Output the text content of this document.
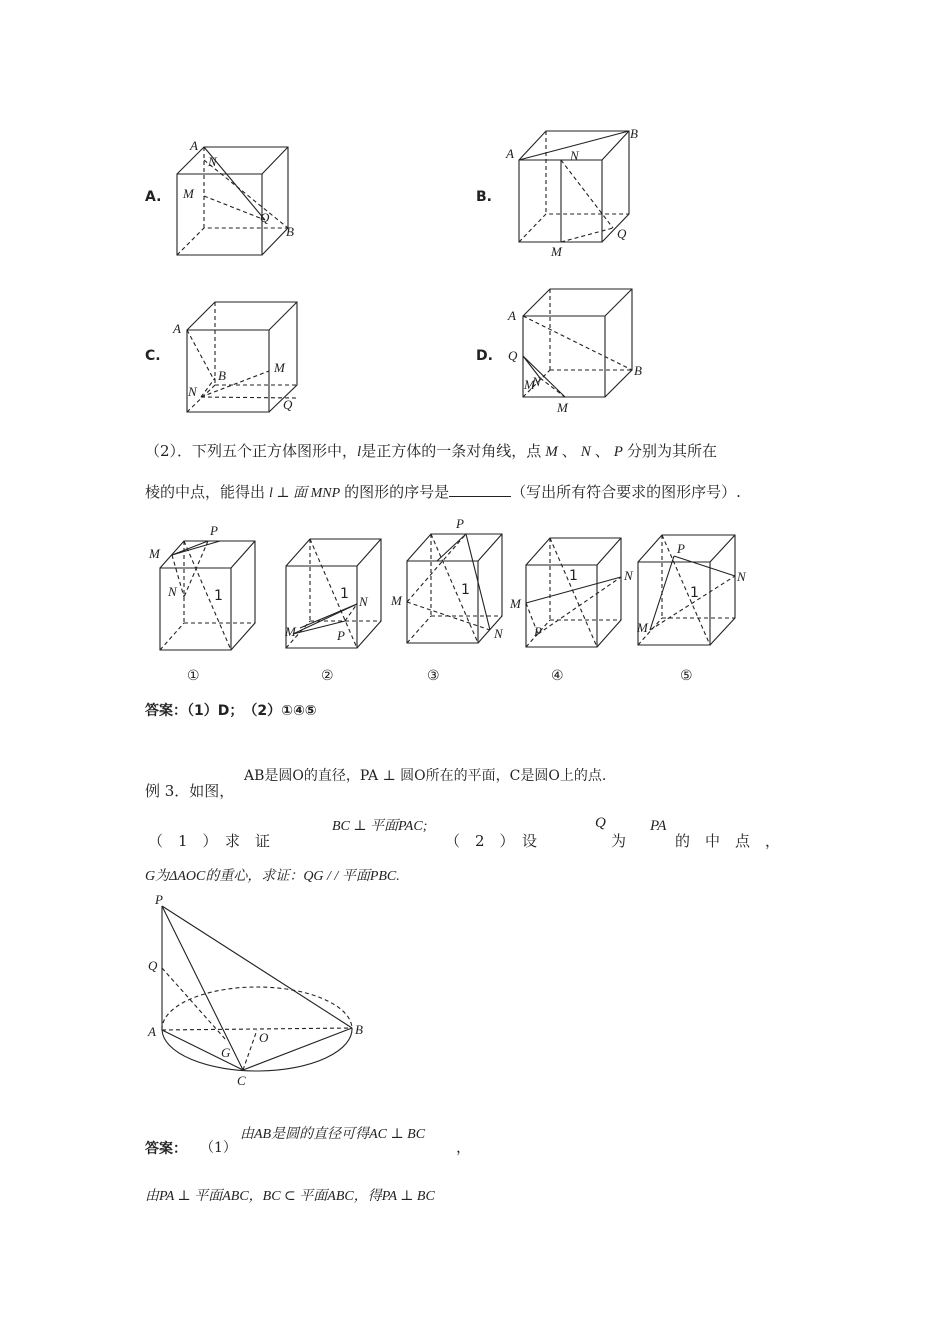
A.
A
N
M
Q
B
B.
A	N
B
Q
M
C.
A
B
M
N
Q
D.
A
Q
M
N
B
M
（2）．下列五个正方体图形中，l是正方体的一条对角线，点 M 、 N 、 P 分别为其所在
棱的中点，能得出 l ⊥ 面 MNP 的图形的序号是	（写出所有符合要求的图形序号）.
M
P
N	1	N
M	P
1
P
M
N
1
N
M
P
1
P
N
M
1
①	②	③	④	⑤
答案：（1）D；　（2）①④⑤
AB是圆O的直径，PA ⊥ 圆O所在的平面，C是圆O上的点.
例 3．如图，
（　1　）　求　证
BC ⊥ 平面PAC;
（　2　）　设
Q
为
PA
的　中　点　，
G为ΔAOC的重心，求证：QG / / 平面PBC.
P
Q
A
G
O
B
C
答案： （1）
由AB是圆的直径可得AC ⊥ BC
，
由PA ⊥ 平面ABC，BC ⊂ 平面ABC，得PA ⊥ BC
